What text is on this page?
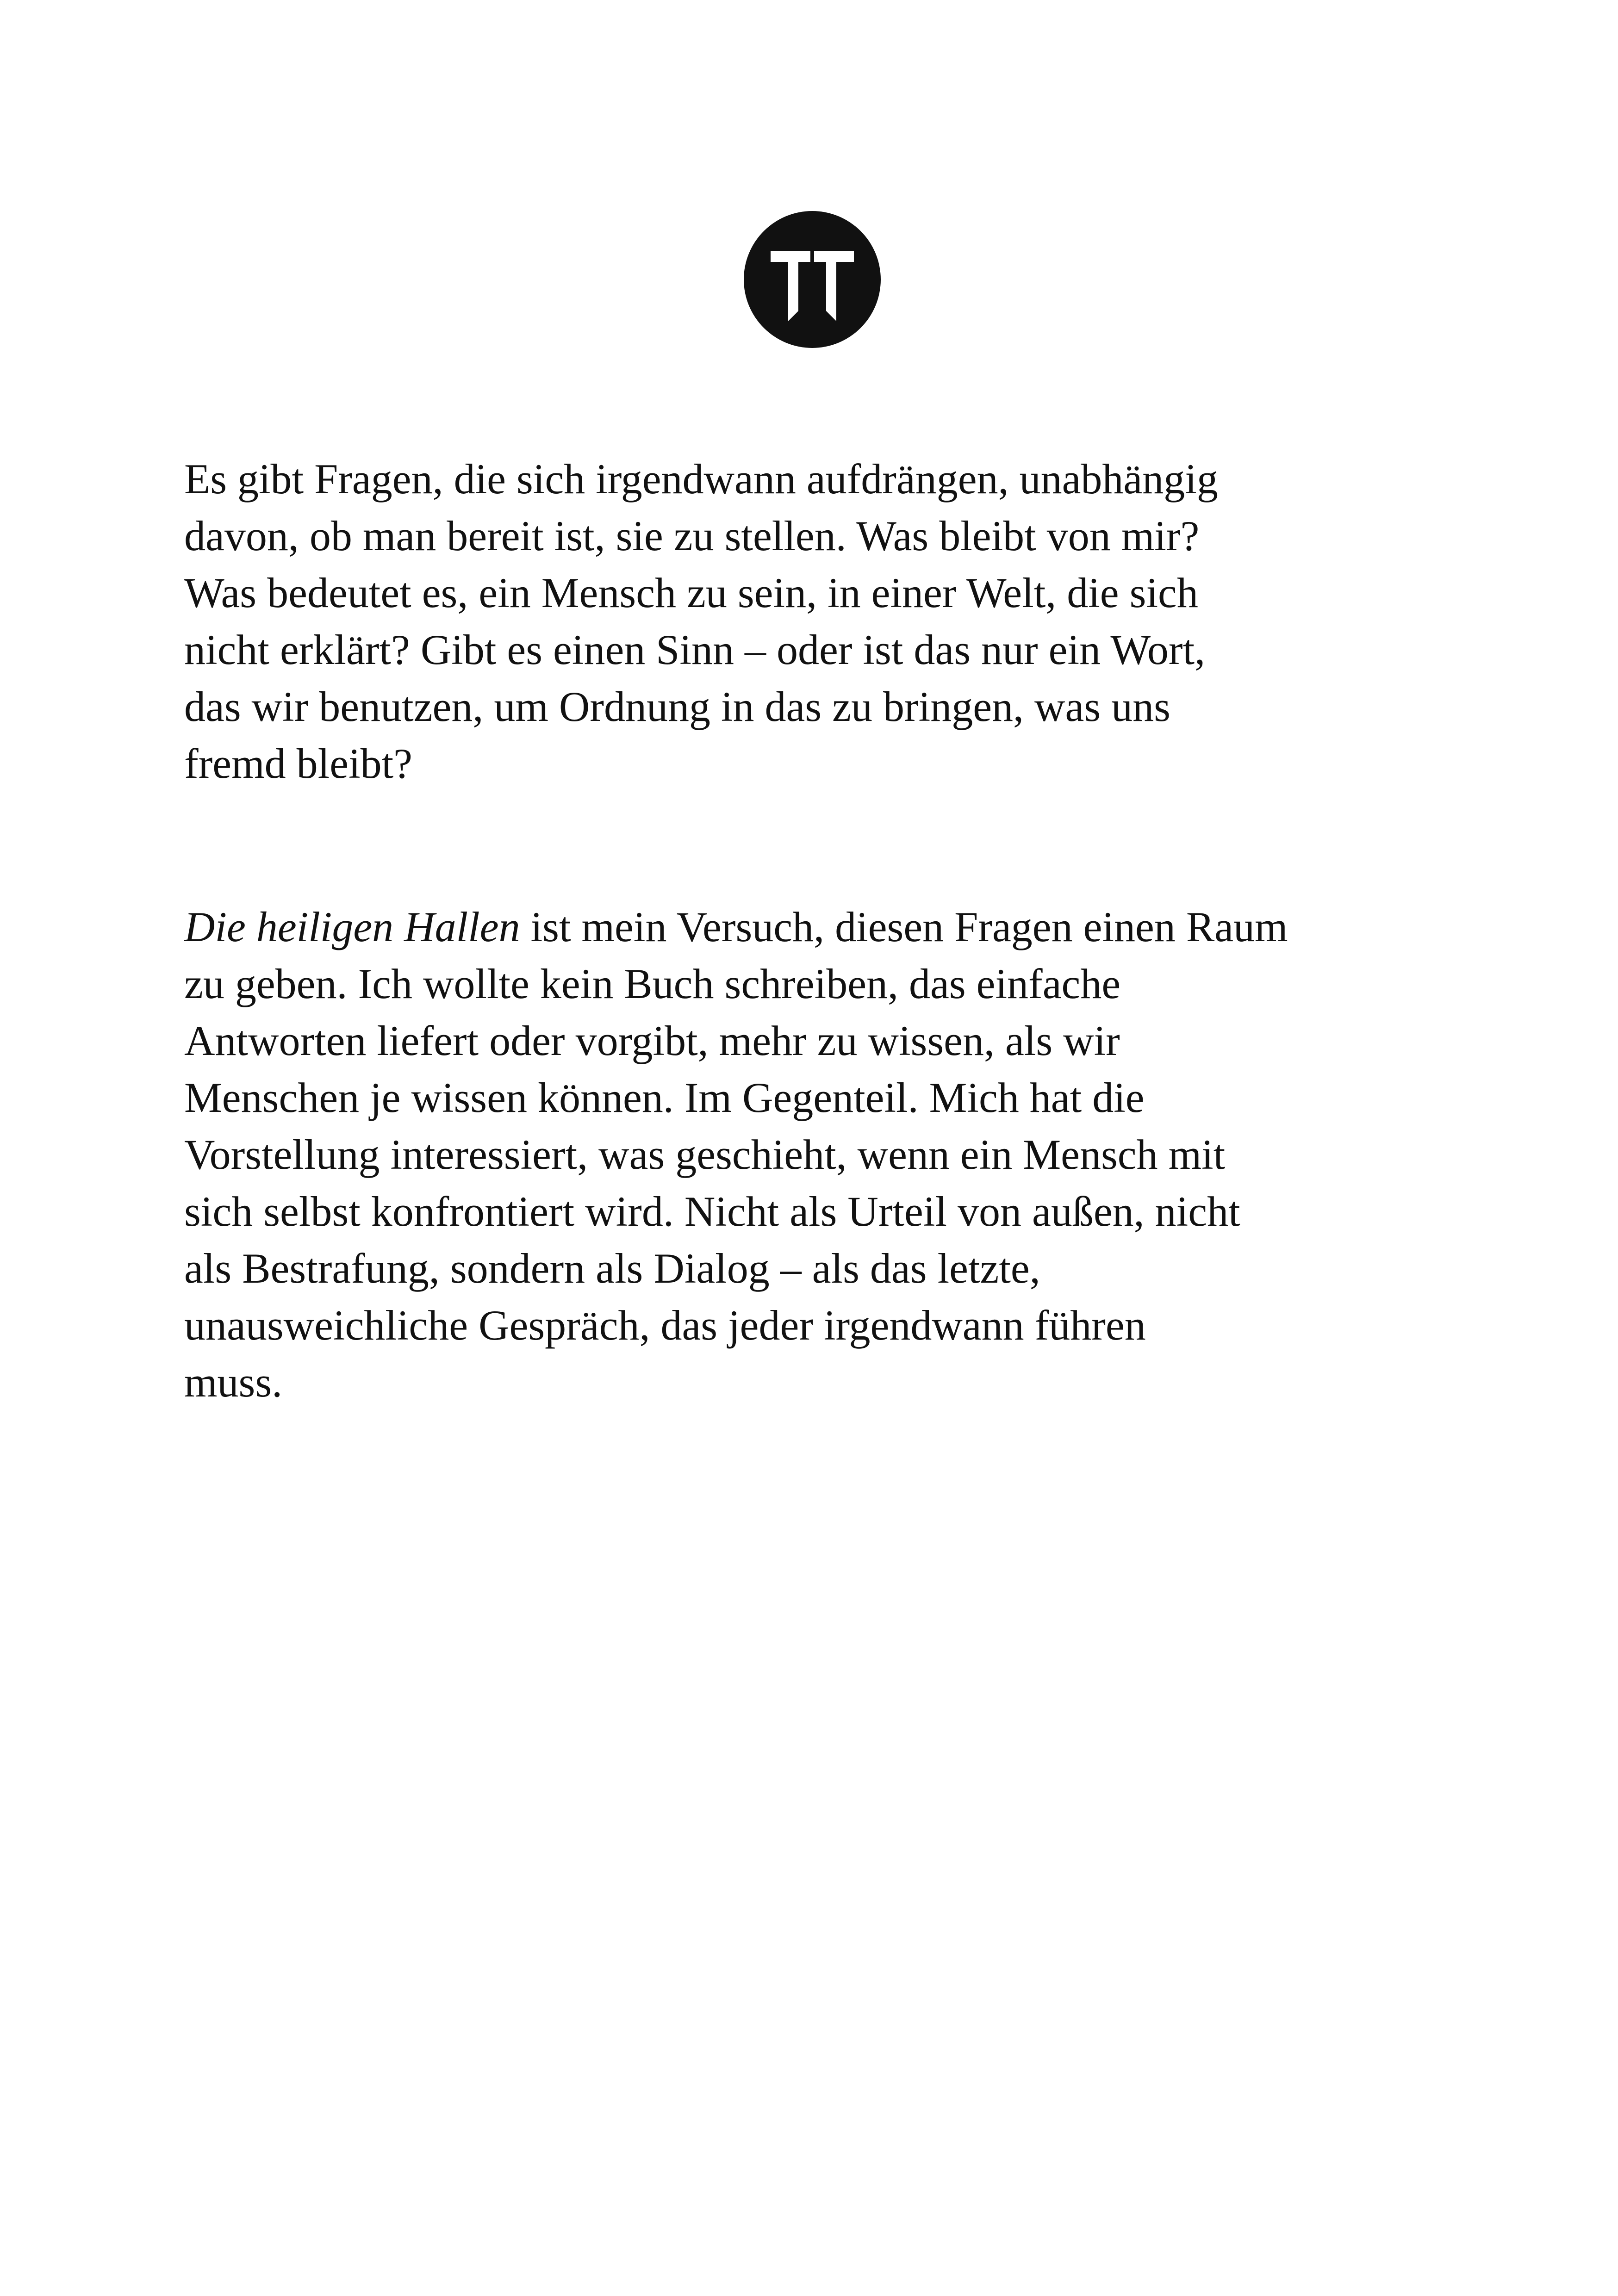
Es gibt Fragen, die sich irgendwann aufdrängen, unabhängig
davon, ob man bereit ist, sie zu stellen. Was bleibt von mir?
Was bedeutet es, ein Mensch zu sein, in einer Welt, die sich
nicht erklärt? Gibt es einen Sinn – oder ist das nur ein Wort,
das wir benutzen, um Ordnung in das zu bringen, was uns
fremd bleibt?
Die heiligen Hallen ist mein Versuch, diesen Fragen einen Raum
zu geben. Ich wollte kein Buch schreiben, das einfache
Antworten liefert oder vorgibt, mehr zu wissen, als wir
Menschen je wissen können. Im Gegenteil. Mich hat die
Vorstellung interessiert, was geschieht, wenn ein Mensch mit
sich selbst konfrontiert wird. Nicht als Urteil von außen, nicht
als Bestrafung, sondern als Dialog – als das letzte,
unausweichliche Gespräch, das jeder irgendwann führen
muss.
